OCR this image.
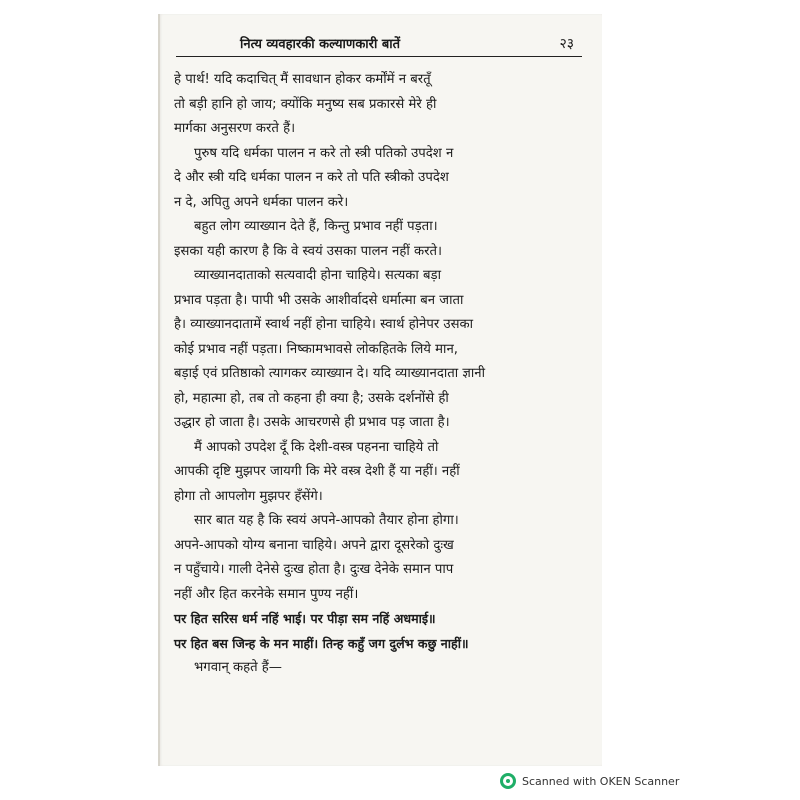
नित्य व्यवहारकी कल्याणकारी बातें	२३
हे पार्थ! यदि कदाचित् मैं सावधान होकर कर्मोंमें न बरतूँ
तो बड़ी हानि हो जाय; क्योंकि मनुष्य सब प्रकारसे मेरे ही
मार्गका अनुसरण करते हैं।
पुरुष यदि धर्मका पालन न करे तो स्त्री पतिको उपदेश न
दे और स्त्री यदि धर्मका पालन न करे तो पति स्त्रीको उपदेश
न दे, अपितु अपने धर्मका पालन करे।
बहुत लोग व्याख्यान देते हैं, किन्तु प्रभाव नहीं पड़ता।
इसका यही कारण है कि वे स्वयं उसका पालन नहीं करते।
व्याख्यानदाताको सत्यवादी होना चाहिये। सत्यका बड़ा
प्रभाव पड़ता है। पापी भी उसके आशीर्वादसे धर्मात्मा बन जाता
है। व्याख्यानदातामें स्वार्थ नहीं होना चाहिये। स्वार्थ होनेपर उसका
कोई प्रभाव नहीं पड़ता। निष्कामभावसे लोकहितके लिये मान,
बड़ाई एवं प्रतिष्ठाको त्यागकर व्याख्यान दे। यदि व्याख्यानदाता ज्ञानी
हो, महात्मा हो, तब तो कहना ही क्या है; उसके दर्शनोंसे ही
उद्धार हो जाता है। उसके आचरणसे ही प्रभाव पड़ जाता है।
मैं आपको उपदेश दूँ कि देशी-वस्त्र पहनना चाहिये तो
आपकी दृष्टि मुझपर जायगी कि मेरे वस्त्र देशी हैं या नहीं। नहीं
होगा तो आपलोग मुझपर हँसेंगे।
सार बात यह है कि स्वयं अपने-आपको तैयार होना होगा।
अपने-आपको योग्य बनाना चाहिये। अपने द्वारा दूसरेको दुःख
न पहुँचाये। गाली देनेसे दुःख होता है। दुःख देनेके समान पाप
नहीं और हित करनेके समान पुण्य नहीं।
पर हित सरिस धर्म नहिं भाई। पर पीड़ा सम नहिं अधमाई॥
पर हित बस जिन्ह के मन माहीं। तिन्ह कहुँ जग दुर्लभ कछु नाहीं॥
भगवान् कहते हैं—
Scanned with OKEN Scanner
